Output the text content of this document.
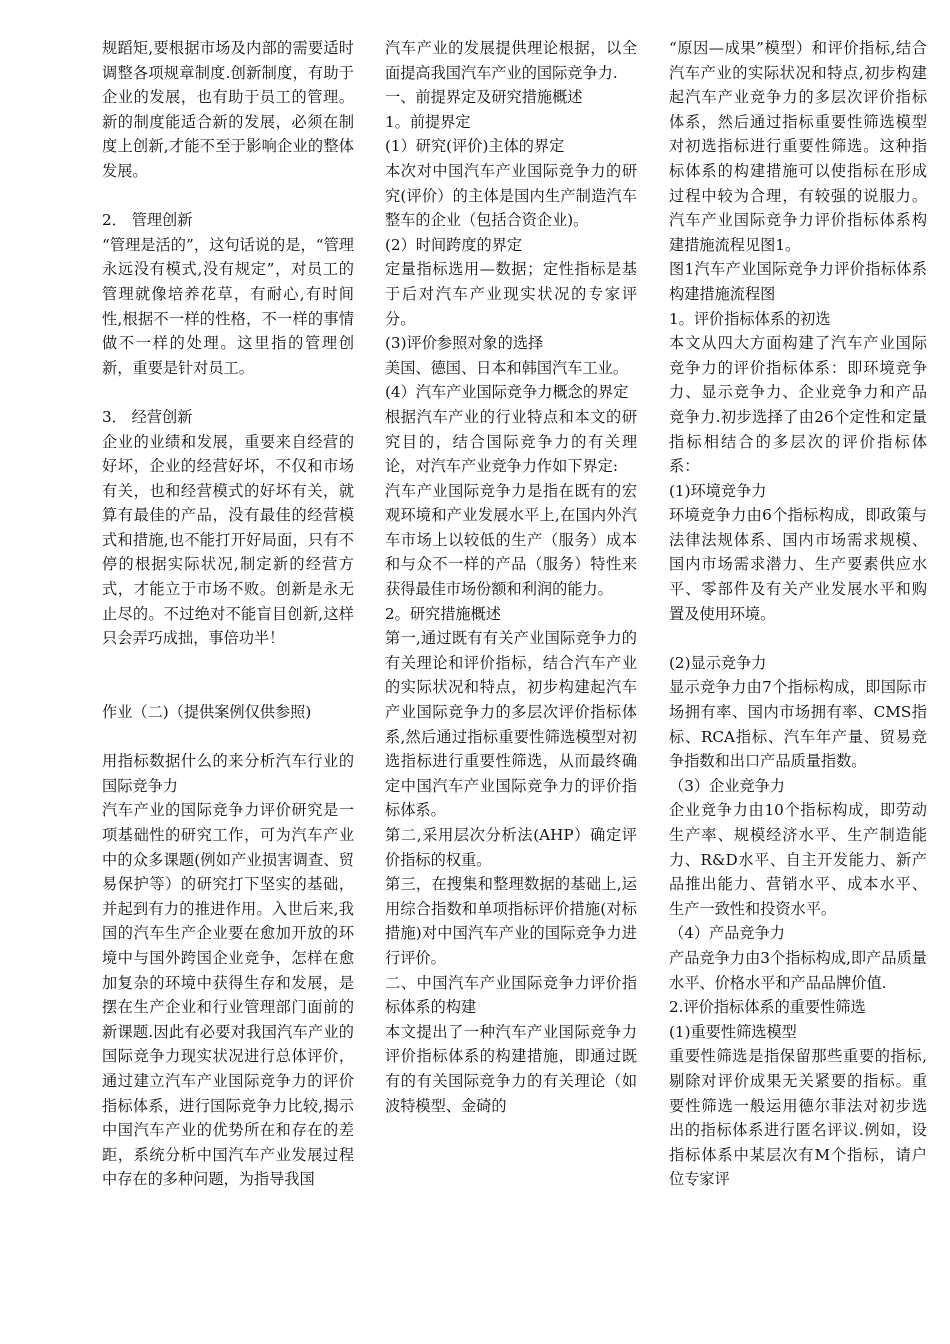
规蹈矩,要根据市场及内部的需要适时调整各项规章制度.创新制度，有助于企业的发展，也有助于员工的管理。新的制度能适合新的发展，必须在制度上创新,才能不至于影响企业的整体发展。

2． 管理创新

“管理是活的”，这句话说的是，“管理永远没有模式,没有规定”，对员工的管理就像培养花草，有耐心,有时间性,根据不一样的性格，不一样的事情做不一样的处理。这里指的管理创新，重要是针对员工。

3． 经营创新

企业的业绩和发展，重要来自经营的好坏，企业的经营好坏，不仅和市场有关，也和经营模式的好坏有关，就算有最佳的产品，没有最佳的经营模式和措施,也不能打开好局面，只有不停的根据实际状况,制定新的经营方式，才能立于市场不败。创新是永无止尽的。不过绝对不能盲目创新,这样只会弄巧成拙，事倍功半！

作业（二)（提供案例仅供参照)

用指标数据什么的来分析汽车行业的国际竞争力

汽车产业的国际竞争力评价研究是一项基础性的研究工作，可为汽车产业中的众多课题(例如产业损害调查、贸易保护等）的研究打下坚实的基础，并起到有力的推进作用。入世后来,我国的汽车生产企业要在愈加开放的环境中与国外跨国企业竞争，怎样在愈加复杂的环境中获得生存和发展，是摆在生产企业和行业管理部门面前的新课题.因此有必要对我国汽车产业的国际竞争力现实状况进行总体评价，通过建立汽车产业国际竞争力的评价指标体系，进行国际竞争力比较,揭示中国汽车产业的优势所在和存在的差距，系统分析中国汽车产业发展过程中存在的多种问题，为指导我国

汽车产业的发展提供理论根据，以全面提高我国汽车产业的国际竞争力.

一、前提界定及研究措施概述

1。前提界定

(1）研究(评价)主体的界定

本次对中国汽车产业国际竞争力的研究(评价）的主体是国内生产制造汽车整车的企业（包括合资企业)。

(2）时间跨度的界定

定量指标选用—数据；定性指标是基于后对汽车产业现实状况的专家评分。

(3)评价参照对象的选择

美国、德国、日本和韩国汽车工业。

(4）汽车产业国际竞争力概念的界定

根据汽车产业的行业特点和本文的研究目的，结合国际竞争力的有关理论，对汽车产业竞争力作如下界定:

汽车产业国际竞争力是指在既有的宏观环境和产业发展水平上,在国内外汽车市场上以较低的生产（服务）成本和与众不一样的产品（服务）特性来获得最佳市场份额和利润的能力。

2。研究措施概述

第一,通过既有有关产业国际竞争力的有关理论和评价指标，结合汽车产业的实际状况和特点，初步构建起汽车产业国际竞争力的多层次评价指标体系,然后通过指标重要性筛选模型对初选指标进行重要性筛选，从而最终确定中国汽车产业国际竞争力的评价指标体系。

第二,采用层次分析法(AHP）确定评价指标的权重。

第三，在搜集和整理数据的基础上,运用综合指数和单项指标评价措施(对标措施)对中国汽车产业的国际竞争力进行评价。

二、中国汽车产业国际竞争力评价指标体系的构建

本文提出了一种汽车产业国际竞争力评价指标体系的构建措施，即通过既有的有关国际竞争力的有关理论（如波特模型、金碕的

“原因—成果”模型）和评价指标,结合汽车产业的实际状况和特点,初步构建起汽车产业竞争力的多层次评价指标体系，然后通过指标重要性筛选模型对初选指标进行重要性筛选。这种指标体系的构建措施可以使指标在形成过程中较为合理，有较强的说服力。汽车产业国际竞争力评价指标体系构建措施流程见图1。

图1汽车产业国际竞争力评价指标体系构建措施流程图

1。评价指标体系的初选

本文从四大方面构建了汽车产业国际竞争力的评价指标体系：即环境竞争力、显示竞争力、企业竞争力和产品竞争力.初步选择了由26个定性和定量指标相结合的多层次的评价指标体系：

(1)环境竞争力

环境竞争力由6个指标构成，即政策与法律法规体系、国内市场需求规模、国内市场需求潜力、生产要素供应水平、零部件及有关产业发展水平和购置及使用环境。

(2)显示竞争力

显示竞争力由7个指标构成，即国际市场拥有率、国内市场拥有率、CMS指标、RCA指标、汽车年产量、贸易竞争指数和出口产品质量指数。

（3）企业竞争力

企业竞争力由10个指标构成，即劳动生产率、规模经济水平、生产制造能力、R&D水平、自主开发能力、新产品推出能力、营销水平、成本水平、生产一致性和投资水平。

（4）产品竞争力

产品竞争力由3个指标构成,即产品质量水平、价格水平和产品品牌价值.

2.评价指标体系的重要性筛选

(1)重要性筛选模型

重要性筛选是指保留那些重要的指标,剔除对评价成果无关紧要的指标。重要性筛选一般运用德尔菲法对初步选出的指标体系进行匿名评议.例如，设指标体系中某层次有M个指标，请户位专家评
